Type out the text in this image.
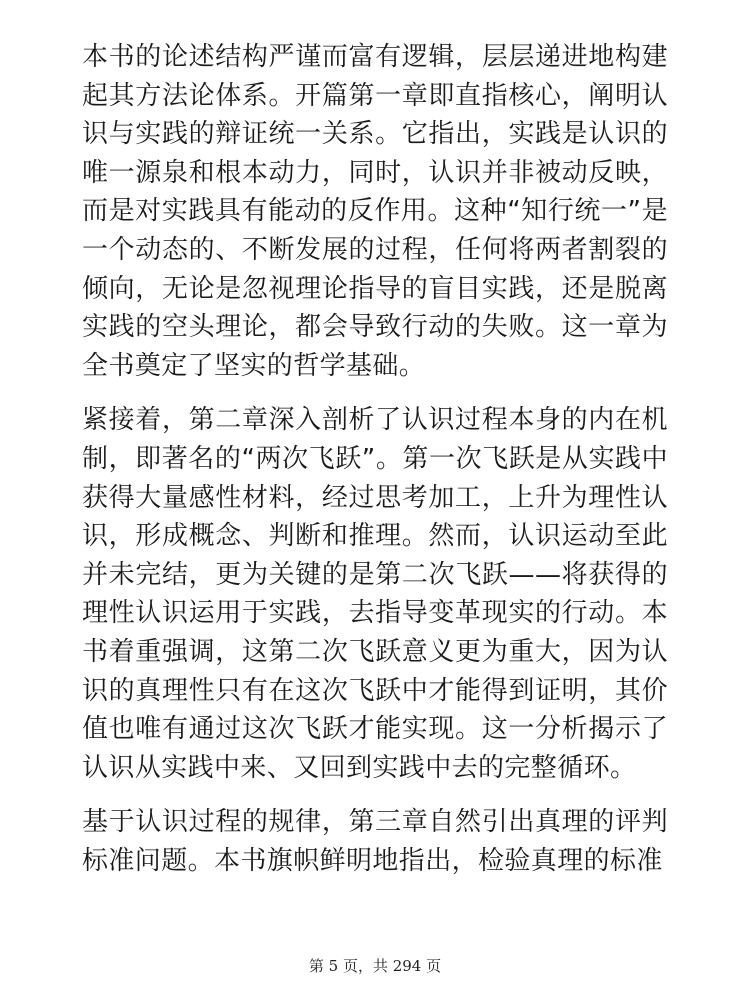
本书的论述结构严谨而富有逻辑，层层递进地构建起其方法论体系。开篇第一章即直指核心，阐明认识与实践的辩证统一关系。它指出，实践是认识的唯一源泉和根本动力，同时，认识并非被动反映，而是对实践具有能动的反作用。这种“知行统一”是一个动态的、不断发展的过程，任何将两者割裂的倾向，无论是忽视理论指导的盲目实践，还是脱离实践的空头理论，都会导致行动的失败。这一章为全书奠定了坚实的哲学基础。

紧接着，第二章深入剖析了认识过程本身的内在机制，即著名的“两次飞跃”。第一次飞跃是从实践中获得大量感性材料，经过思考加工，上升为理性认识，形成概念、判断和推理。然而，认识运动至此并未完结，更为关键的是第二次飞跃——将获得的理性认识运用于实践，去指导变革现实的行动。本书着重强调，这第二次飞跃意义更为重大，因为认识的真理性只有在这次飞跃中才能得到证明，其价值也唯有通过这次飞跃才能实现。这一分析揭示了认识从实践中来、又回到实践中去的完整循环。

基于认识过程的规律，第三章自然引出真理的评判标准问题。本书旗帜鲜明地指出，检验真理的标准

第 5 页，共 294 页
